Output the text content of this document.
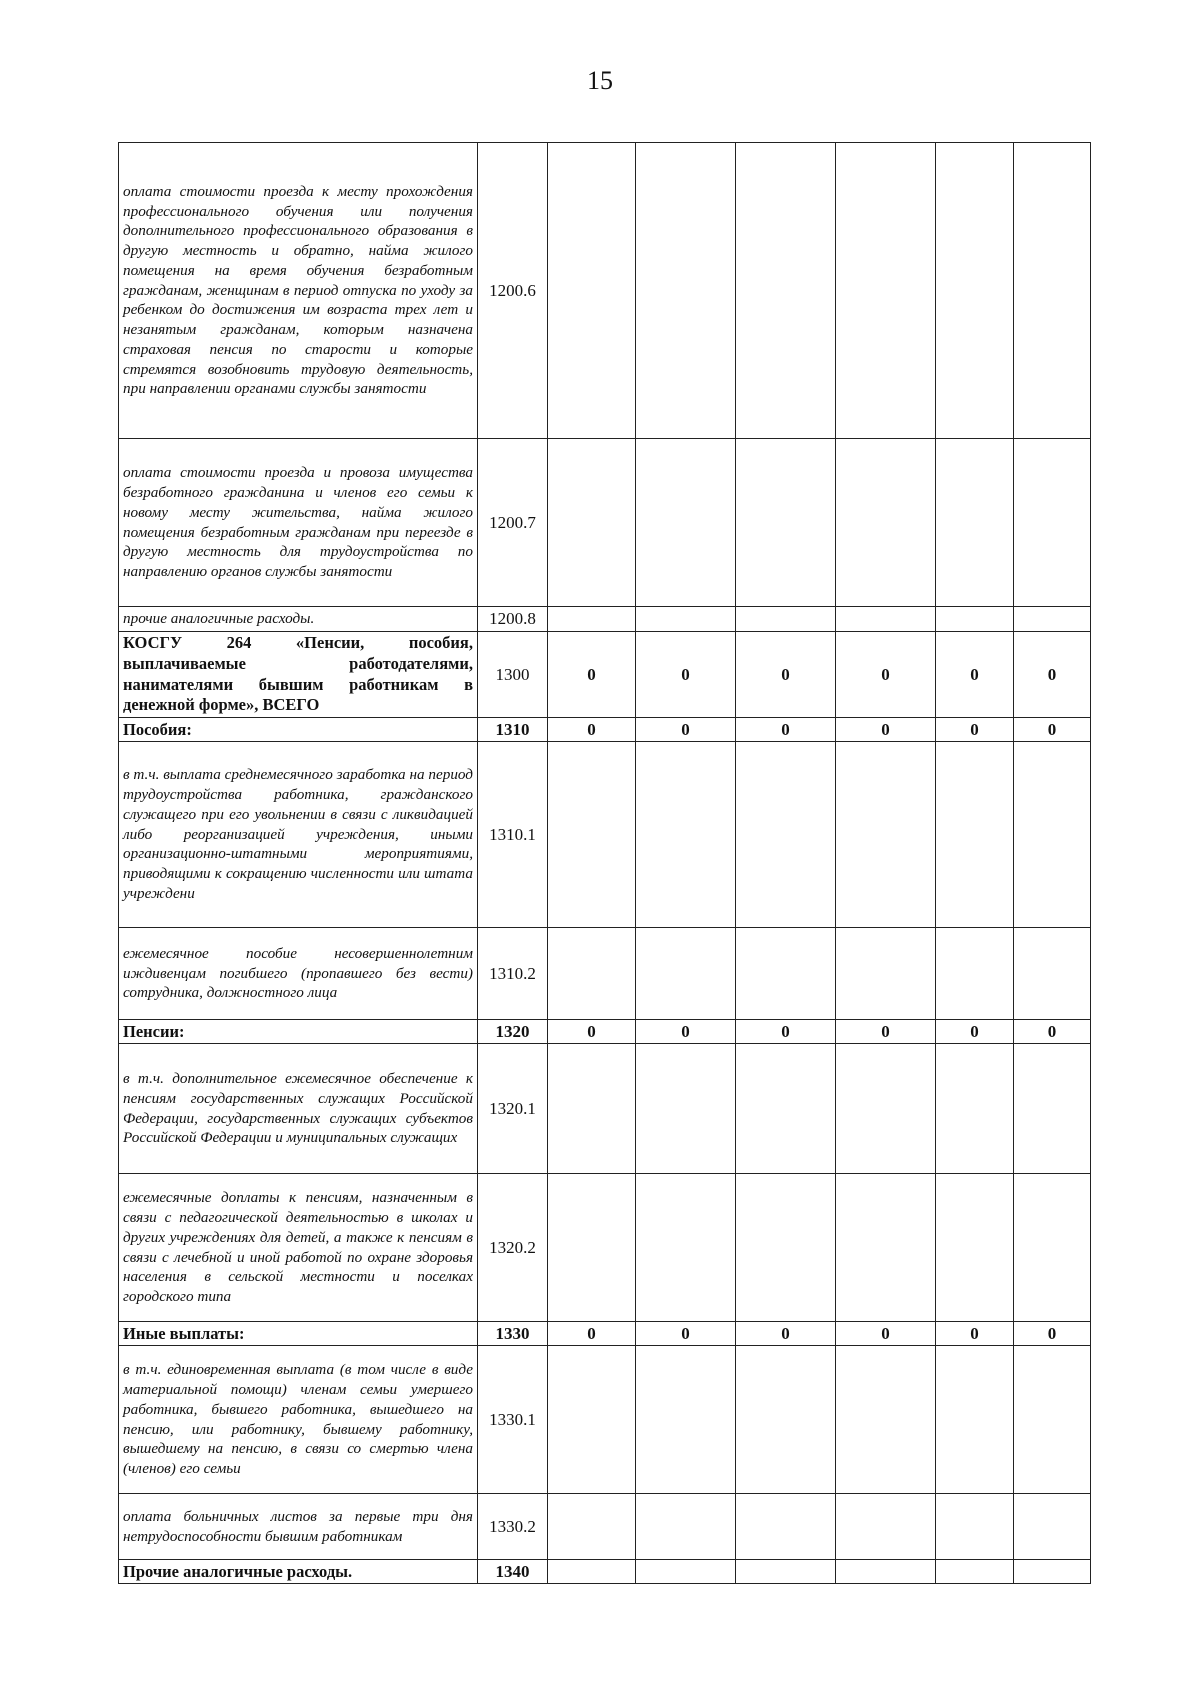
15
оплата стоимости проезда к месту прохождения профессионального обучения или получения дополнительного профессионального образования в другую местность и обратно, найма жилого помещения на время обучения безработным гражданам, женщинам в период отпуска по уходу за ребенком до достижения им возраста трех лет и незанятым гражданам, которым назначена страховая пенсия по старости и которые стремятся возобновить трудовую деятельность, при направлении органами службы занятости	1200.6						
оплата стоимости проезда и провоза имущества безработного гражданина и членов его семьи к новому месту жительства, найма жилого помещения безработным гражданам при переезде в другую местность для трудоустройства по направлению органов службы занятости	1200.7						
прочие аналогичные расходы.	1200.8						
КОСГУ 264 «Пенсии, пособия, выплачиваемые работодателями, нанимателями бывшим работникам в денежной форме», ВСЕГО	1300	0	0	0	0	0	0
Пособия:	1310	0	0	0	0	0	0
в т.ч. выплата среднемесячного заработка на период трудоустройства работника, гражданского служащего при его увольнении в связи с ликвидацией либо реорганизацией учреждения, иными организационно-штатными мероприятиями, приводящими к сокращению численности или штата учреждени	1310.1						
ежемесячное пособие несовершеннолетним иждивенцам погибшего (пропавшего без вести) сотрудника, должностного лица	1310.2						
Пенсии:	1320	0	0	0	0	0	0
в т.ч. дополнительное ежемесячное обеспечение к пенсиям государственных служащих Российской Федерации, государственных служащих субъектов Российской Федерации и муниципальных служащих	1320.1						
ежемесячные доплаты к пенсиям, назначенным в связи с педагогической деятельностью в школах и других учреждениях для детей, а также к пенсиям в связи с лечебной и иной работой по охране здоровья населения в сельской местности и поселках городского типа	1320.2						
Иные выплаты:	1330	0	0	0	0	0	0
в т.ч. единовременная выплата (в том числе в виде материальной помощи) членам семьи умершего работника, бывшего работника, вышедшего на пенсию, или работнику, бывшему работнику, вышедшему на пенсию, в связи со смертью члена (членов) его семьи	1330.1						
оплата больничных листов за первые три дня нетрудоспособности бывшим работникам	1330.2						
Прочие аналогичные расходы.	1340						
